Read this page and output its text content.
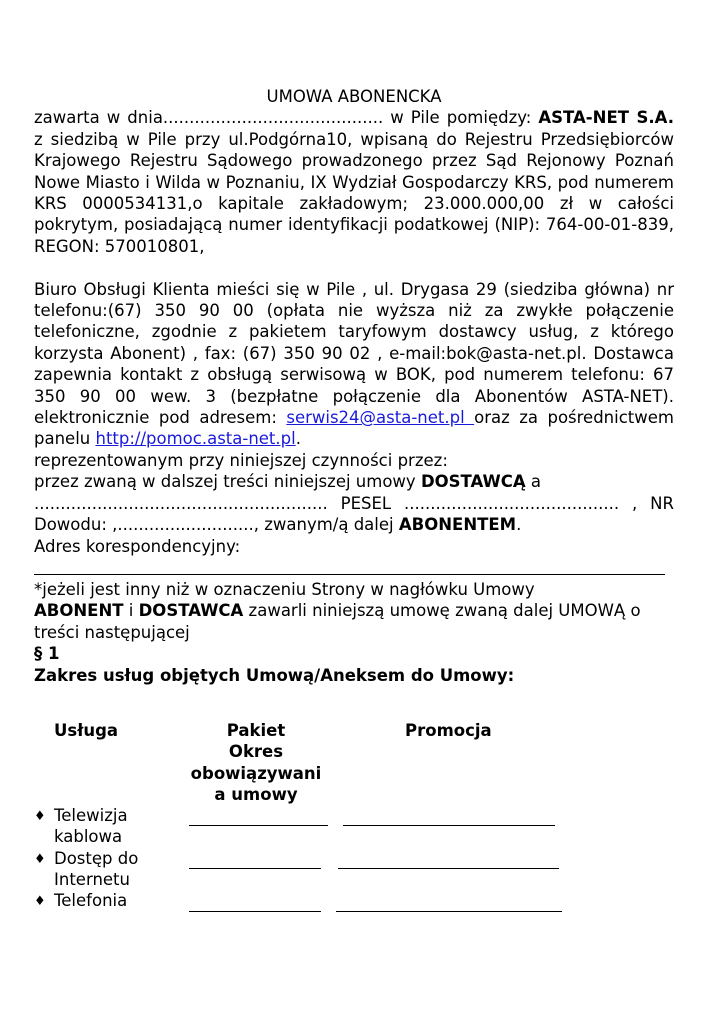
UMOWA ABONENCKA
zawarta w dnia.......................................... w Pile pomiędzy: ASTA-NET S.A.
z siedzibą w Pile przy ul.Podgórna10, wpisaną do Rejestru Przedsiębiorców
Krajowego Rejestru Sądowego prowadzonego przez Sąd Rejonowy Poznań
Nowe Miasto i Wilda w Poznaniu, IX Wydział Gospodarczy KRS, pod numerem
KRS 0000534131,o kapitale zakładowym; 23.000.000,00 zł w całości
pokrytym, posiadającą numer identyfikacji podatkowej (NIP): 764-00-01-839,
REGON: 570010801,
Biuro Obsługi Klienta mieści się w Pile , ul. Drygasa 29 (siedziba główna) nr
telefonu:(67) 350 90 00 (opłata nie wyższa niż za zwykłe połączenie
telefoniczne, zgodnie z pakietem taryfowym dostawcy usług, z którego
korzysta Abonent) , fax: (67) 350 90 02 , e-mail:bok@asta-net.pl. Dostawca
zapewnia kontakt z obsługą serwisową w BOK, pod numerem telefonu: 67
350 90 00 wew. 3 (bezpłatne połączenie dla Abonentów ASTA-NET).
elektronicznie pod adresem: serwis24@asta-net.pl oraz za pośrednictwem
panelu http://pomoc.asta-net.pl.
reprezentowanym przy niniejszej czynności przez:
przez zwaną w dalszej treści niniejszej umowy DOSTAWCĄ a
........................................................ PESEL ......................................... , NR
Dowodu: ,.........................., zwanym/ą dalej ABONENTEM.
Adres korespondencyjny:
*jeżeli jest inny niż w oznaczeniu Strony w nagłówku Umowy
ABONENT i DOSTAWCA zawarli niniejszą umowę zwaną dalej UMOWĄ o
treści następującej
§ 1
Zakres usług objętych Umową/Aneksem do Umowy:
Usługa	Pakiet
Okres
obowiązywani
a umowy
Promocja
♦ Telewizja
kablowa
♦ Dostęp do
Internetu
♦ Telefonia
